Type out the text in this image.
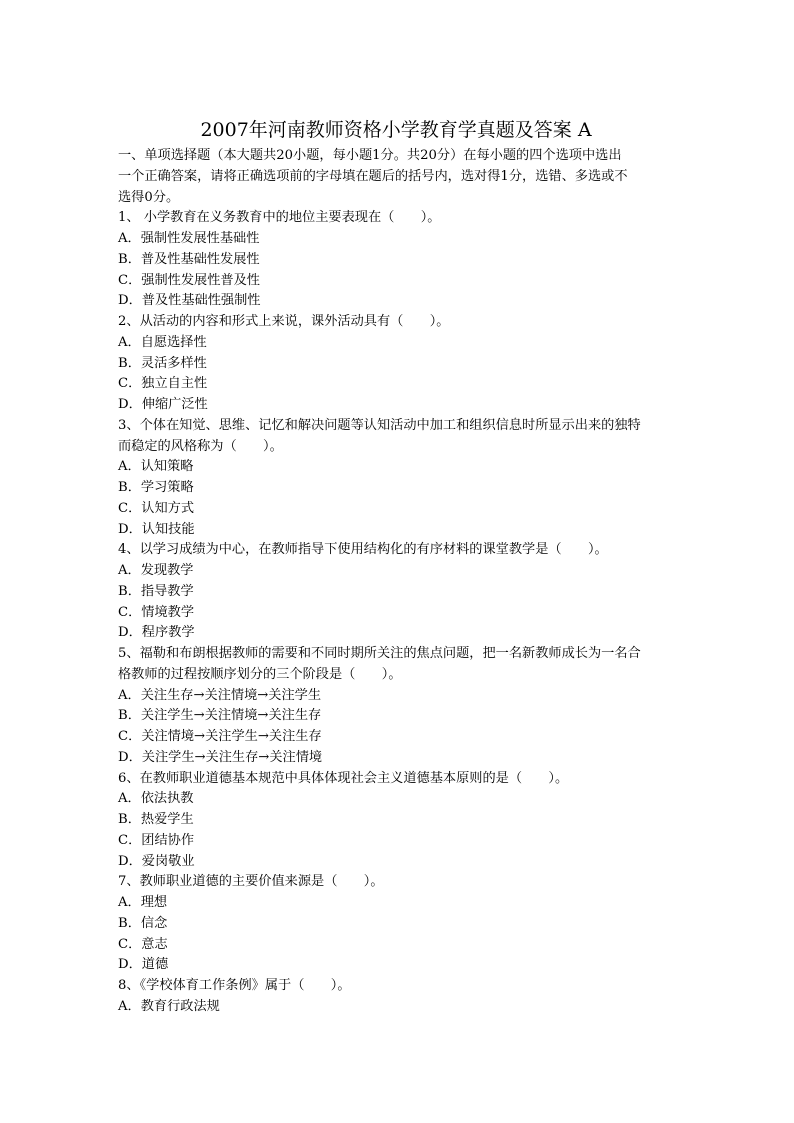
2007年河南教师资格小学教育学真题及答案 A
一、单项选择题（本大题共20小题，每小题1分。共20分）在每小题的四个选项中选出
一个正确答案，请将正确选项前的字母填在题后的括号内，选对得1分，选错、多选或不
选得0分。
1、 小学教育在义务教育中的地位主要表现在（　　）。
A．强制性发展性基础性
B．普及性基础性发展性
C．强制性发展性普及性
D．普及性基础性强制性
2、从活动的内容和形式上来说，课外活动具有（　　）。
A．自愿选择性
B．灵活多样性
C．独立自主性
D．伸缩广泛性
3、个体在知觉、思维、记忆和解决问题等认知活动中加工和组织信息时所显示出来的独特
而稳定的风格称为（　　）。
A．认知策略
B．学习策略
C．认知方式
D．认知技能
4、以学习成绩为中心，在教师指导下使用结构化的有序材料的课堂教学是（　　）。
A．发现教学
B．指导教学
C．情境教学
D．程序教学
5、福勒和布朗根据教师的需要和不同时期所关注的焦点问题，把一名新教师成长为一名合
格教师的过程按顺序划分的三个阶段是（　　）。
A．关注生存→关注情境→关注学生
B．关注学生→关注情境→关注生存
C．关注情境→关注学生→关注生存
D．关注学生→关注生存→关注情境
6、在教师职业道德基本规范中具体体现社会主义道德基本原则的是（　　）。
A．依法执教
B．热爱学生
C．团结协作
D．爱岗敬业
7、教师职业道德的主要价值来源是（　　）。
A．理想
B．信念
C．意志
D．道德
8、《学校体育工作条例》属于（　　）。
A．教育行政法规
